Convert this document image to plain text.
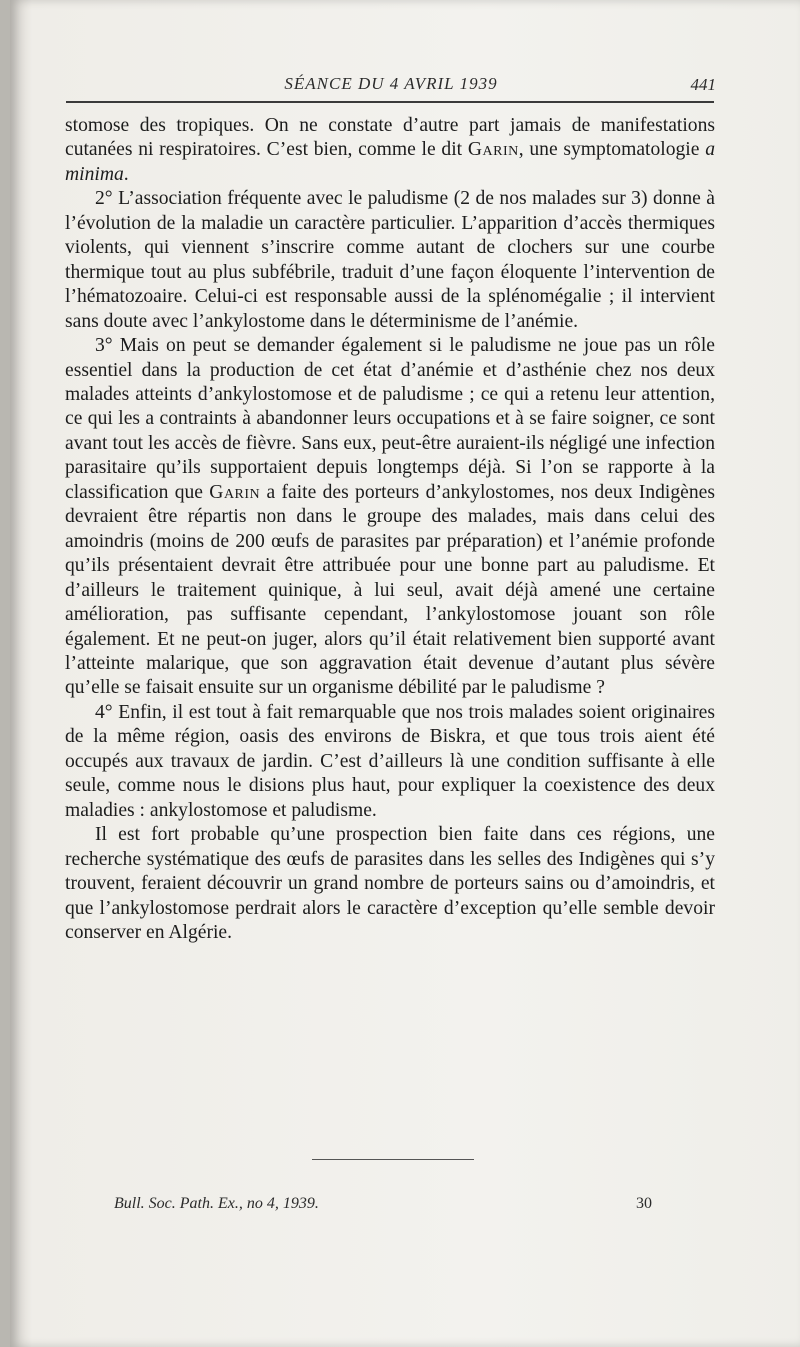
SÉANCE DU 4 AVRIL 1939	441

stomose des tropiques. On ne constate d’autre part jamais de manifestations cutanées ni respiratoires. C’est bien, comme le dit Garin, une symptomatologie a minima.

2° L’association fréquente avec le paludisme (2 de nos malades sur 3) donne à l’évolution de la maladie un caractère particulier. L’apparition d’accès thermiques violents, qui viennent s’inscrire comme autant de clochers sur une courbe thermique tout au plus subfébrile, traduit d’une façon éloquente l’intervention de l’hématozoaire. Celui-ci est responsable aussi de la splénomégalie ; il intervient sans doute avec l’ankylostome dans le déterminisme de l’anémie.

3° Mais on peut se demander également si le paludisme ne joue pas un rôle essentiel dans la production de cet état d’anémie et d’asthénie chez nos deux malades atteints d’ankylostomose et de paludisme ; ce qui a retenu leur attention, ce qui les a contraints à abandonner leurs occupations et à se faire soigner, ce sont avant tout les accès de fièvre. Sans eux, peut-être auraient-ils négligé une infection parasitaire qu’ils supportaient depuis longtemps déjà. Si l’on se rapporte à la classification que Garin a faite des porteurs d’ankylostomes, nos deux Indigènes devraient être répartis non dans le groupe des malades, mais dans celui des amoindris (moins de 200 œufs de parasites par préparation) et l’anémie profonde qu’ils présentaient devrait être attribuée pour une bonne part au paludisme. Et d’ailleurs le traitement quinique, à lui seul, avait déjà amené une certaine amélioration, pas suffisante cependant, l’ankylostomose jouant son rôle également. Et ne peut-on juger, alors qu’il était relativement bien supporté avant l’atteinte malarique, que son aggravation était devenue d’autant plus sévère qu’elle se faisait ensuite sur un organisme débilité par le paludisme ?

4° Enfin, il est tout à fait remarquable que nos trois malades soient originaires de la même région, oasis des environs de Biskra, et que tous trois aient été occupés aux travaux de jardin. C’est d’ailleurs là une condition suffisante à elle seule, comme nous le disions plus haut, pour expliquer la coexistence des deux maladies : ankylostomose et paludisme.

Il est fort probable qu’une prospection bien faite dans ces régions, une recherche systématique des œufs de parasites dans les selles des Indigènes qui s’y trouvent, feraient découvrir un grand nombre de porteurs sains ou d’amoindris, et que l’ankylostomose perdrait alors le caractère d’exception qu’elle semble devoir conserver en Algérie.

Bull. Soc. Path. Ex., no 4, 1939.	30
